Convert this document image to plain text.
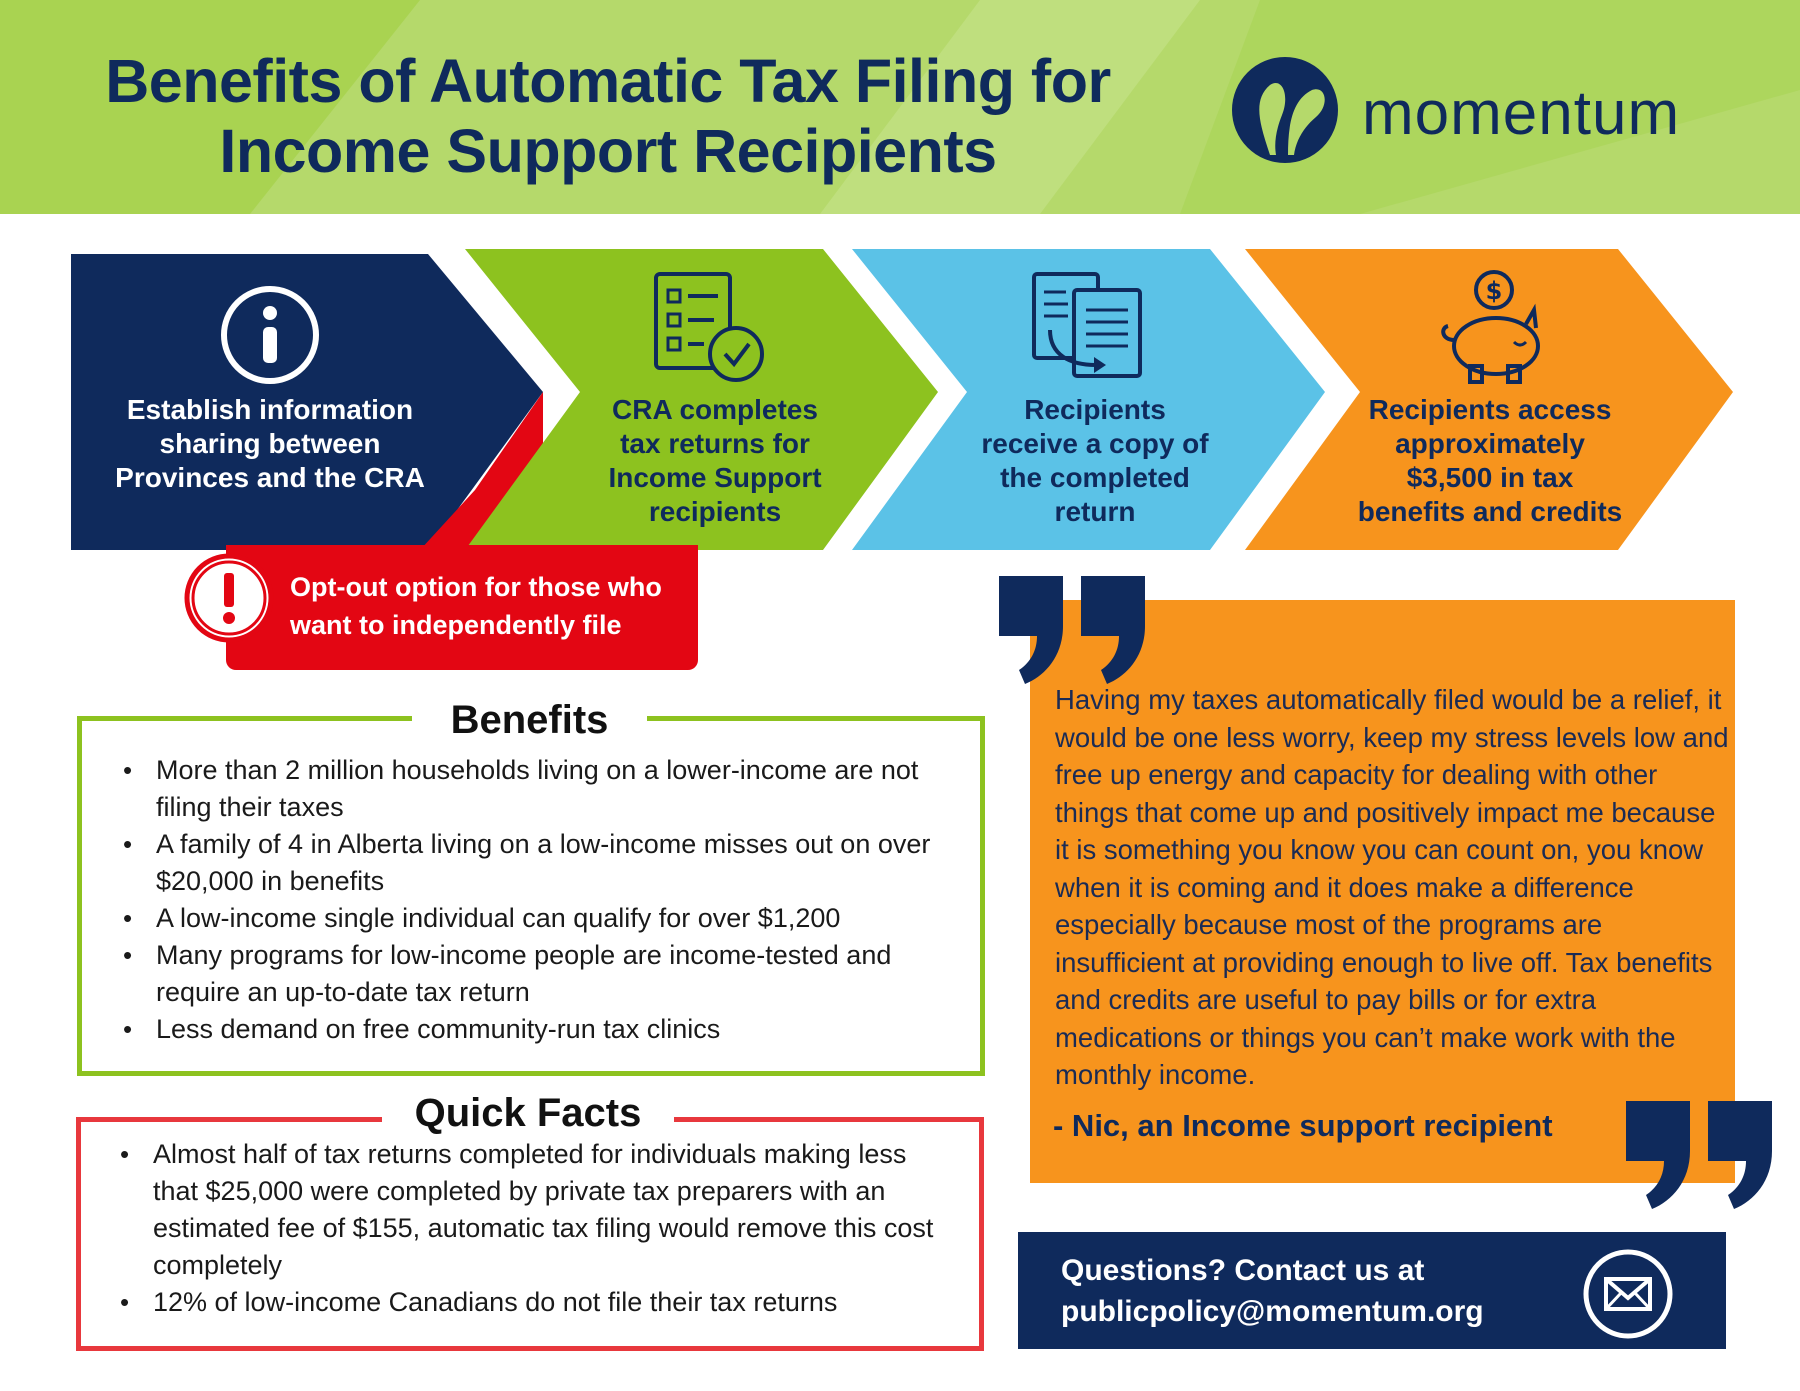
Benefits of Automatic Tax Filing for
Income Support Recipients
momentum
$
Establish information
sharing between
Provinces and the CRA
CRA completes
tax returns for
Income Support
recipients
Recipients
receive a copy of
the completed
return
Recipients access
approximately
$3,500 in tax
benefits and credits
Opt-out option for those who
want to independently file
Benefits
• More than 2 million households living on a lower-income are not filing their taxes
• A family of 4 in Alberta living on a low-income misses out on over $20,000 in benefits
• A low-income single individual can qualify for over $1,200
• Many programs for low-income people are income-tested and require an up-to-date tax return
• Less demand on free community-run tax clinics
Quick Facts
• Almost half of tax returns completed for individuals making less that $25,000 were completed by private tax preparers with an estimated fee of $155, automatic tax filing would remove this cost completely
• 12% of low-income Canadians do not file their tax returns
Having my taxes automatically filed would be a relief, it would be one less worry, keep my stress levels low and free up energy and capacity for dealing with other things that come up and positively impact me because it is something you know you can count on, you know when it is coming and it does make a difference especially because most of the programs are insufficient at providing enough to live off. Tax benefits and credits are useful to pay bills or for extra medications or things you can’t make work with the monthly income.
- Nic, an Income support recipient
Questions? Contact us at
publicpolicy@momentum.org
